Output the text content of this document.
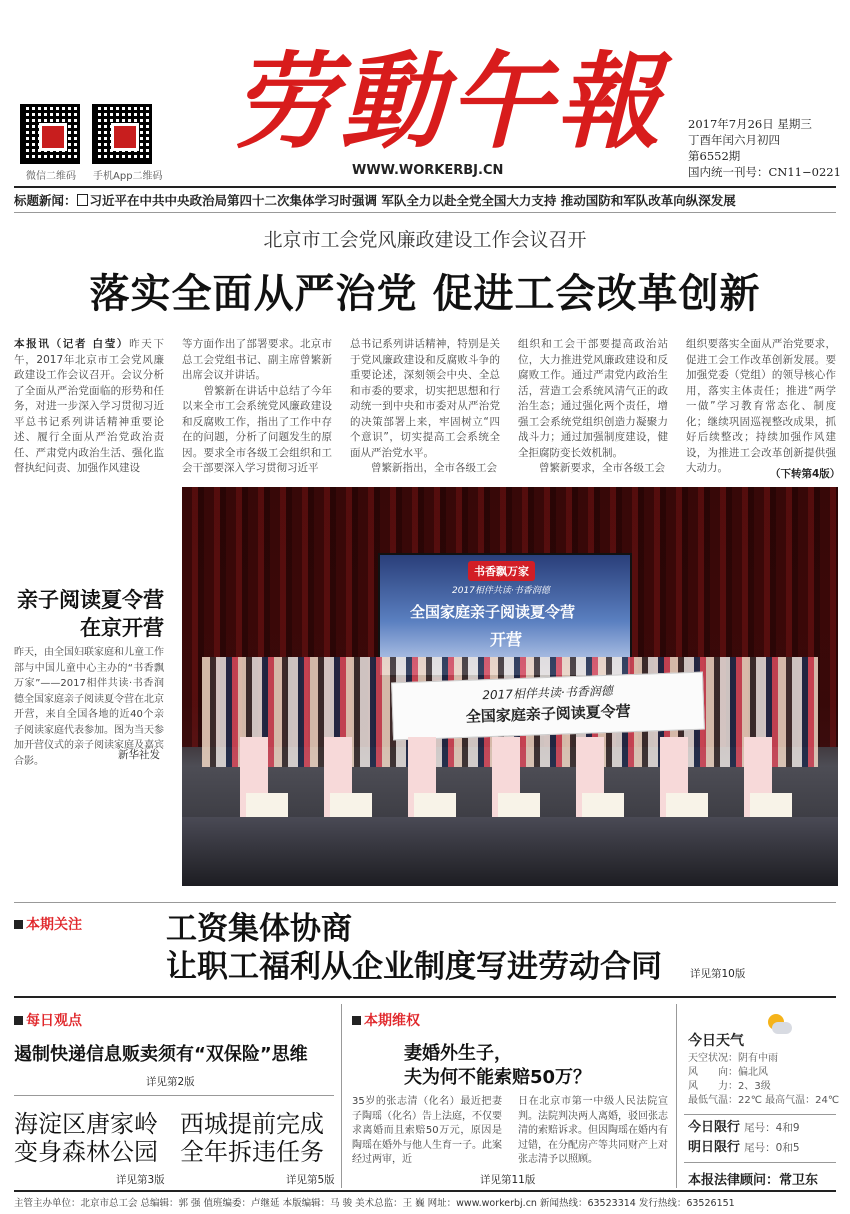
微信二维码 手机App二维码
劳動午報
WWW.WORKERBJ.CN
2017年7月26日 星期三
丁酉年闰六月初四
第6552期
国内统一刊号：CN11−0221
标题新闻： 习近平在中共中央政治局第四十二次集体学习时强调 军队全力以赴全党全国大力支持 推动国防和军队改革向纵深发展
北京市工会党风廉政建设工作会议召开
落实全面从严治党 促进工会改革创新
本报讯（记者 白莹）昨天下午，2017年北京市工会党风廉政建设工作会议召开。会议分析了全面从严治党面临的形势和任务，对进一步深入学习贯彻习近平总书记系列讲话精神重要论述、履行全面从严治党政治责任、严肃党内政治生活、强化监督执纪问责、加强作风建设
等方面作出了部署要求。北京市总工会党组书记、副主席曾繁新出席会议并讲话。
　　曾繁新在讲话中总结了今年以来全市工会系统党风廉政建设和反腐败工作，指出了工作中存在的问题，分析了问题发生的原因。要求全市各级工会组织和工会干部要深入学习贯彻习近平
总书记系列讲话精神，特别是关于党风廉政建设和反腐败斗争的重要论述，深刻领会中央、全总和市委的要求，切实把思想和行动统一到中央和市委对从严治党的决策部署上来，牢固树立“四个意识”，切实提高工会系统全面从严治党水平。
　　曾繁新指出，全市各级工会
组织和工会干部要提高政治站位，大力推进党风廉政建设和反腐败工作。通过严肃党内政治生活，营造工会系统风清气正的政治生态；通过强化两个责任，增强工会系统党组织创造力凝聚力战斗力；通过加强制度建设，健全拒腐防变长效机制。
　　曾繁新要求，全市各级工会
组织要落实全面从严治党要求，促进工会工作改革创新发展。要加强党委（党组）的领导核心作用，落实主体责任；推进“两学一做”学习教育常态化、制度化；继续巩固巡视整改成果，抓好后续整改；持续加强作风建设，为推进工会改革创新提供强大动力。	（下转第4版）
亲子阅读夏令营
在京开营
昨天，由全国妇联家庭和儿童工作部与中国儿童中心主办的“书香飘万家”——2017相伴共读·书香润德全国家庭亲子阅读夏令营在北京开营，来自全国各地的近40个亲子阅读家庭代表参加。图为当天参加开营仪式的亲子阅读家庭及嘉宾合影。	新华社发
书香飘万家
2017相伴共读·书香润德
全国家庭亲子阅读夏令营
开营
2017相伴共读·书香润德
全国家庭亲子阅读夏令营
本期关注	工资集体协商
让职工福利从企业制度写进劳动合同	详见第10版
每日观点
遏制快递信息贩卖须有“双保险”思维
详见第2版
海淀区唐家岭
变身森林公园
详见第3版
西城提前完成
全年拆违任务
详见第5版
本期维权
妻婚外生子，
夫为何不能索赔50万？
35岁的张志清（化名）最近把妻子陶瑶（化名）告上法庭，不仅要求离婚而且索赔50万元，原因是陶瑶在婚外与他人生育一子。此案经过两审，近
日在北京市第一中级人民法院宣判。法院判决两人离婚，驳回张志清的索赔诉求。但因陶瑶在婚内有过错，在分配房产等共同财产上对张志清予以照顾。
详见第11版
今日天气
天空状况：阴有中雨
风　　向：偏北风
风　　力：2、3级
最低气温：22℃ 最高气温：24℃
今日限行 尾号：4和9
明日限行 尾号：0和5
本报法律顾问：常卫东
主管主办单位：北京市总工会 总编辑：郭 强 值班编委：卢继延 本版编辑：马 骏 美术总监：王 巍 网址：www.workerbj.cn 新闻热线：63523314 发行热线：63526151
